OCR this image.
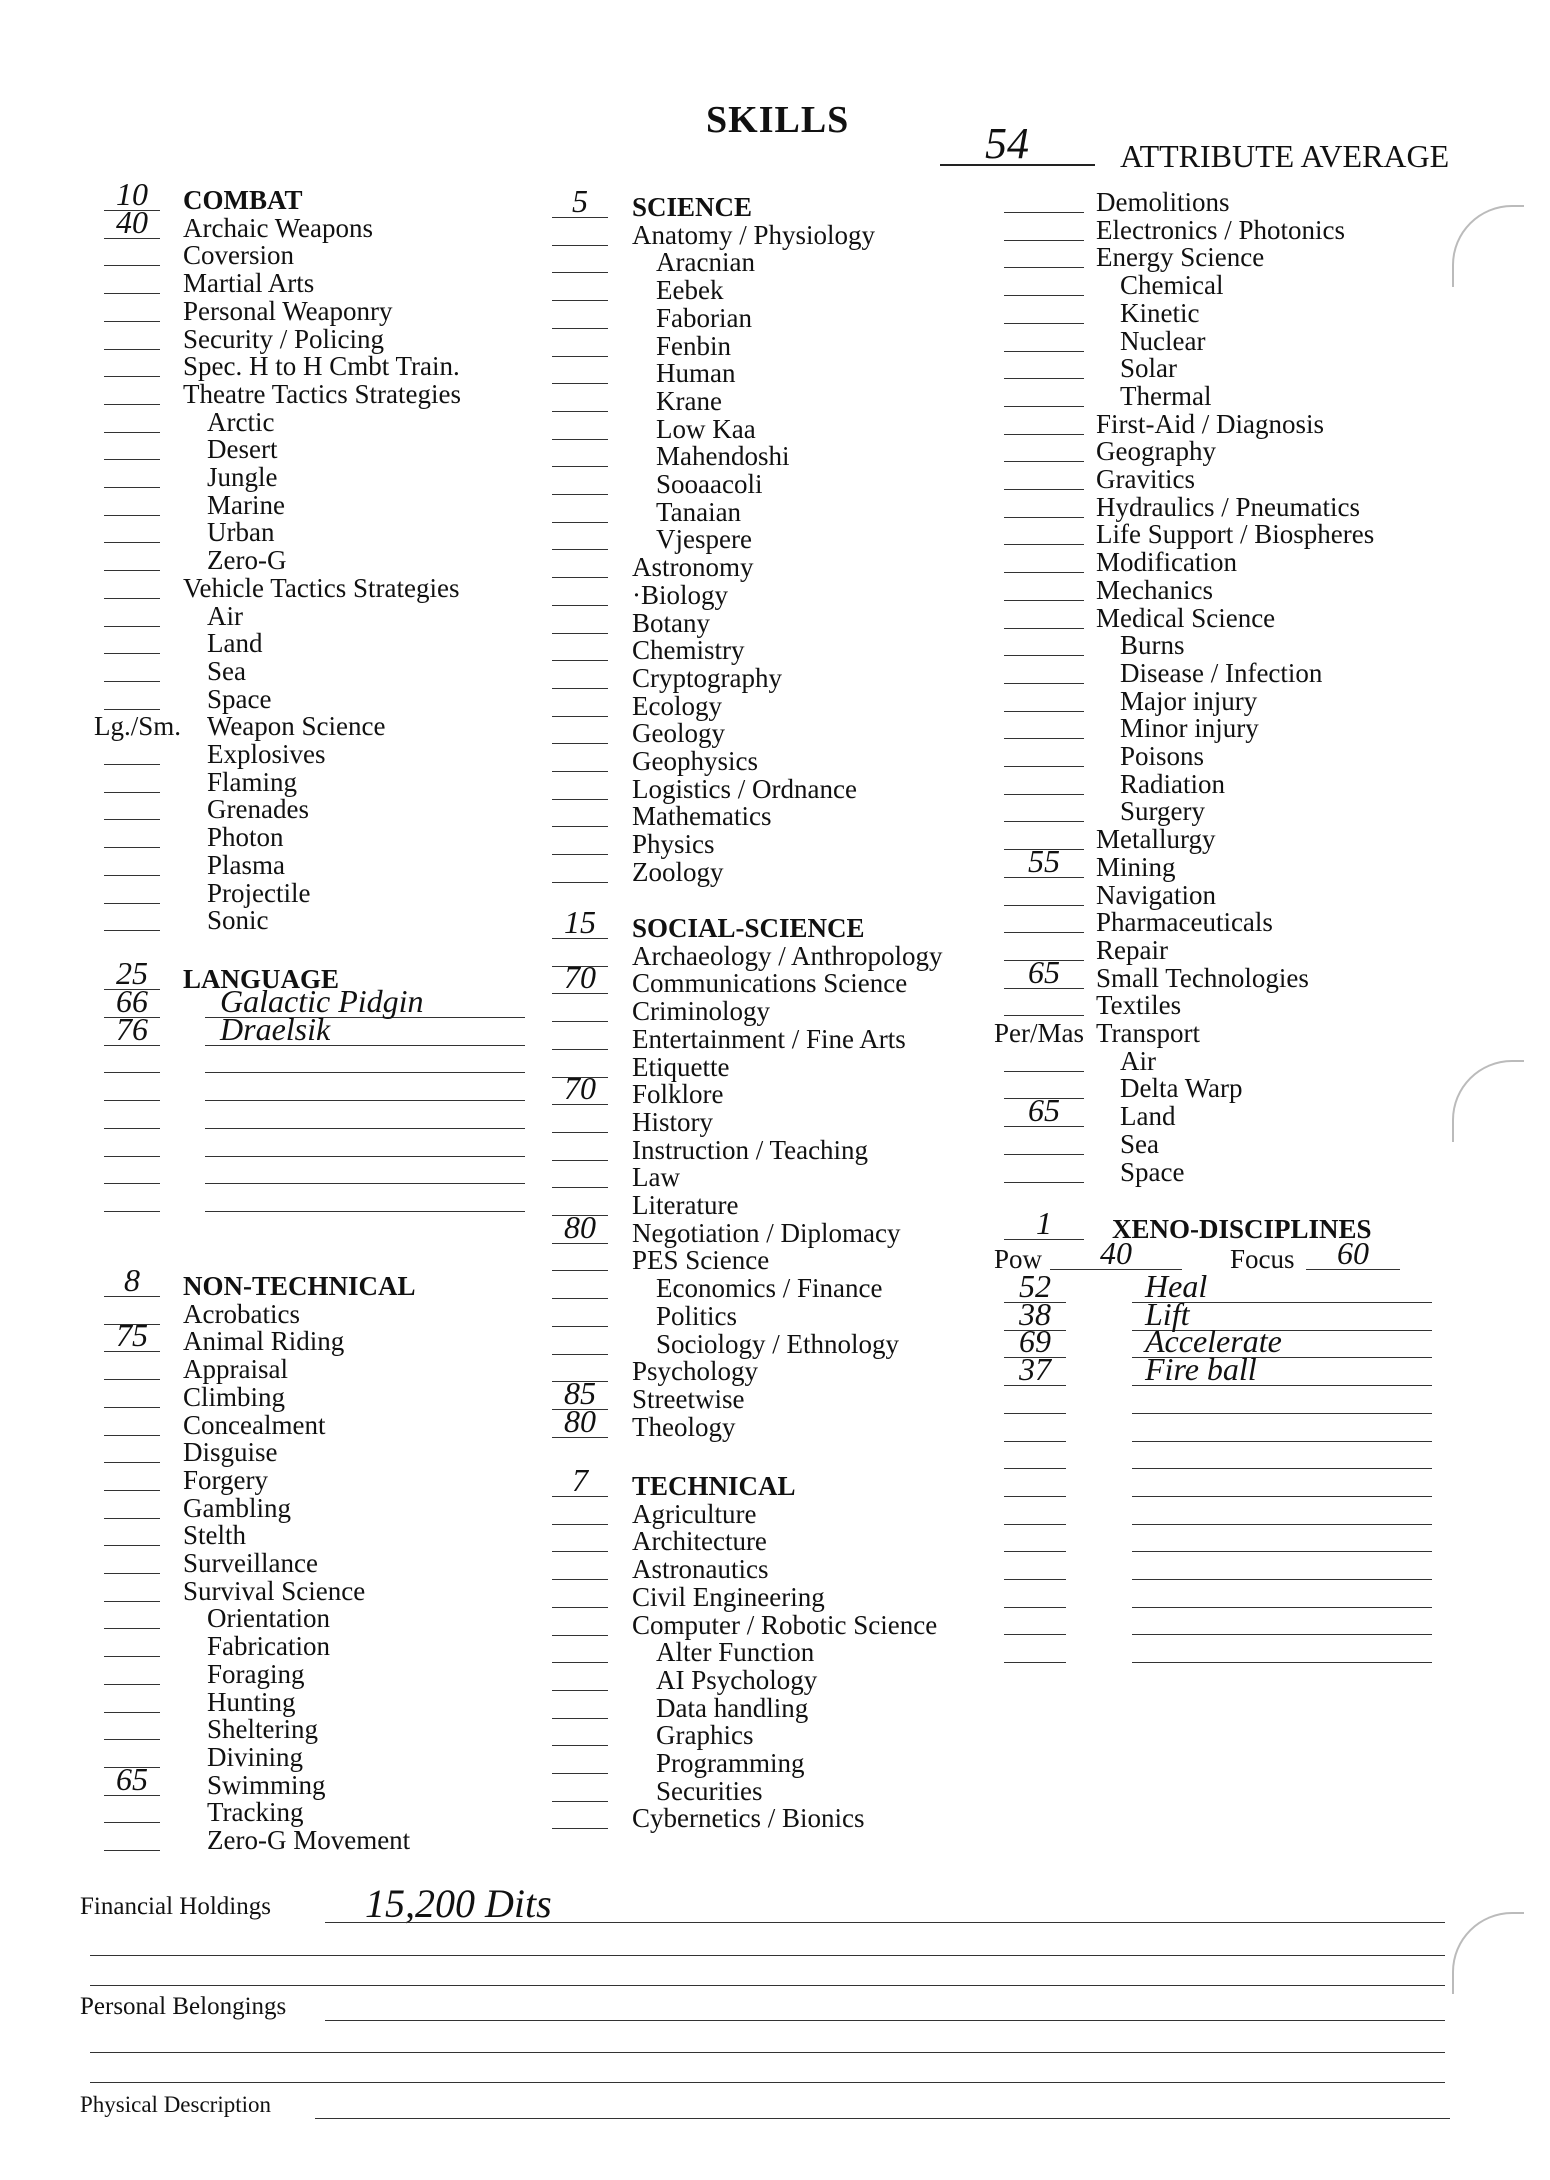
SKILLS	54	ATTRIBUTE AVERAGE
10	COMBAT
40	Archaic Weapons
Coversion
Martial Arts
Personal Weaponry
Security / Policing
Spec. H to H Cmbt Train.
Theatre Tactics Strategies
Arctic
Desert
Jungle
Marine
Urban
Zero-G
Vehicle Tactics Strategies
Air
Land
Sea
Space
Lg./Sm. Weapon Science
Explosives
Flaming
Grenades
Photon
Plasma
Projectile
Sonic
25	LANGUAGE
66	Galactic Pidgin
76	Draelsik
8	NON-TECHNICAL
Acrobatics
75	Animal Riding
Appraisal
Climbing
Concealment
Disguise
Forgery
Gambling
Stelth
Surveillance
Survival Science
Orientation
Fabrication
Foraging
Hunting
Sheltering
Divining
65	Swimming
Tracking
Zero-G Movement
5	SCIENCE
Anatomy / Physiology
Aracnian
Eebek
Faborian
Fenbin
Human
Krane
Low Kaa
Mahendoshi
Sooaacoli
Tanaian
Vjespere
Astronomy
·Biology
Botany
Chemistry
Cryptography
Ecology
Geology
Geophysics
Logistics / Ordnance
Mathematics
Physics
Zoology
15	SOCIAL-SCIENCE
Archaeology / Anthropology
70	Communications Science
Criminology
Entertainment / Fine Arts
Etiquette
70	Folklore
History
Instruction / Teaching
Law
Literature
80	Negotiation / Diplomacy
PES Science
Economics / Finance
Politics
Sociology / Ethnology
Psychology
85	Streetwise
80	Theology
7	TECHNICAL
Agriculture
Architecture
Astronautics
Civil Engineering
Computer / Robotic Science
Alter Function
AI Psychology
Data handling
Graphics
Programming
Securities
Cybernetics / Bionics
Demolitions
Electronics / Photonics
Energy Science
Chemical
Kinetic
Nuclear
Solar
Thermal
First-Aid / Diagnosis
Geography
Gravitics
Hydraulics / Pneumatics
Life Support / Biospheres
Modification
Mechanics
Medical Science
Burns
Disease / Infection
Major injury
Minor injury
Poisons
Radiation
Surgery
Metallurgy
55	Mining
Navigation
Pharmaceuticals
Repair
65	Small Technologies
Textiles
Per/Mas Transport
Air
Delta Warp
65	Land
Sea
Space
1	XENO-DISCIPLINES
Pow	40	Focus	60
52	Heal
38	Lift
69	Accelerate
37	Fire ball
Financial Holdings 15,200 Dits
Personal Belongings
Physical Description
